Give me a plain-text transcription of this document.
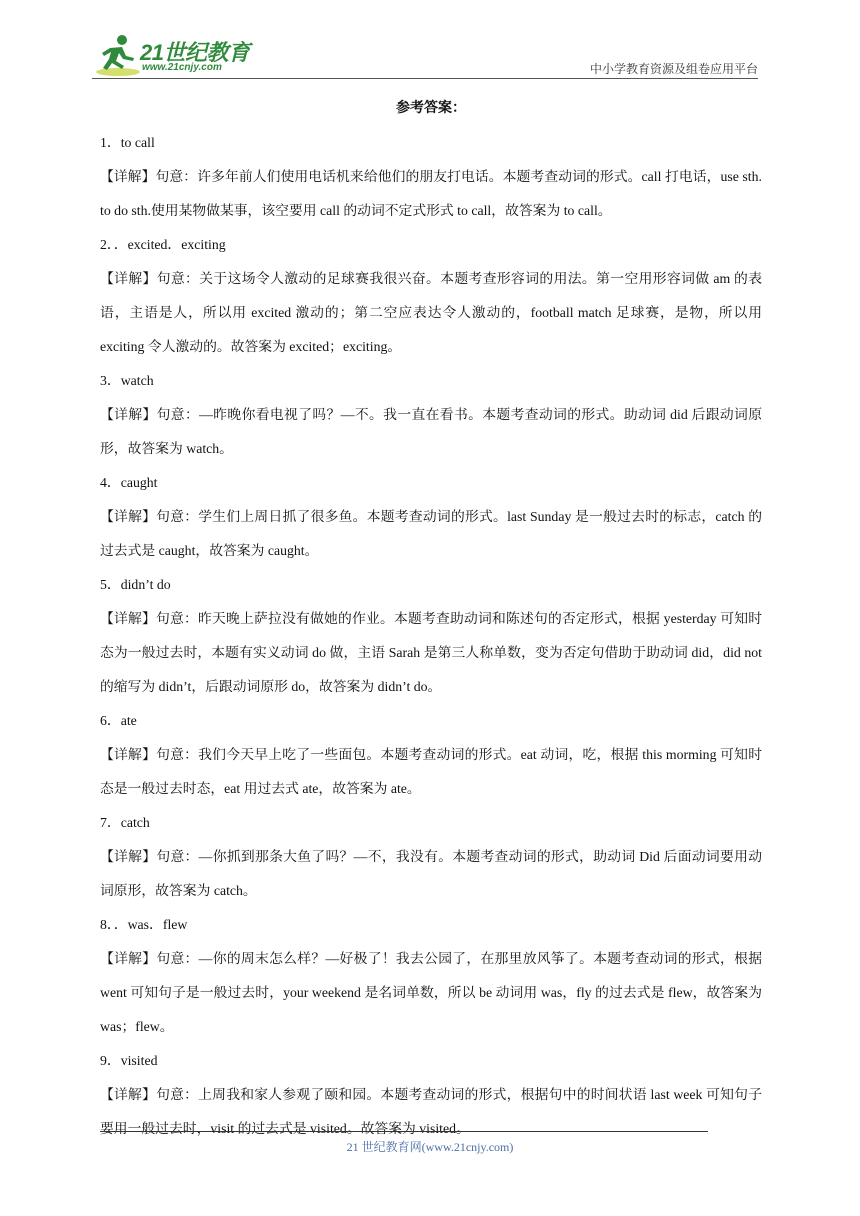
21世纪教育
www.21cnjy.com	中小学教育资源及组卷应用平台
参考答案：
1．to call
【详解】句意：许多年前人们使用电话机来给他们的朋友打电话。本题考查动词的形式。call 打电话，use sth. to do sth.使用某物做某事，该空要用 call 的动词不定式形式 to call，故答案为 to call。
2．．excited．exciting
【详解】句意：关于这场令人激动的足球赛我很兴奋。本题考查形容词的用法。第一空用形容词做 am 的表语，主语是人，所以用 excited 激动的；第二空应表达令人激动的，football match 足球赛，是物，所以用 exciting 令人激动的。故答案为 excited；exciting。
3．watch
【详解】句意：—昨晚你看电视了吗？—不。我一直在看书。本题考查动词的形式。助动词 did 后跟动词原形，故答案为 watch。
4．caught
【详解】句意：学生们上周日抓了很多鱼。本题考查动词的形式。last Sunday 是一般过去时的标志，catch 的过去式是 caught，故答案为 caught。
5．didn’t do
【详解】句意：昨天晚上萨拉没有做她的作业。本题考查助动词和陈述句的否定形式，根据 yesterday 可知时态为一般过去时，本题有实义动词 do 做，主语 Sarah 是第三人称单数，变为否定句借助于助动词 did，did not 的缩写为 didn’t，后跟动词原形 do，故答案为 didn’t do。
6．ate
【详解】句意：我们今天早上吃了一些面包。本题考查动词的形式。eat 动词，吃，根据 this morming 可知时态是一般过去时态，eat 用过去式 ate，故答案为 ate。
7．catch
【详解】句意：—你抓到那条大鱼了吗？—不，我没有。本题考查动词的形式，助动词 Did 后面动词要用动词原形，故答案为 catch。
8．．was．flew
【详解】句意：—你的周末怎么样？—好极了！我去公园了，在那里放风筝了。本题考查动词的形式，根据 went 可知句子是一般过去时，your weekend 是名词单数，所以 be 动词用 was，fly 的过去式是 flew，故答案为 was；flew。
9．visited
【详解】句意：上周我和家人参观了颐和园。本题考查动词的形式，根据句中的时间状语 last week 可知句子要用一般过去时，visit 的过去式是 visited。故答案为 visited。
21 世纪教育网(www.21cnjy.com)
